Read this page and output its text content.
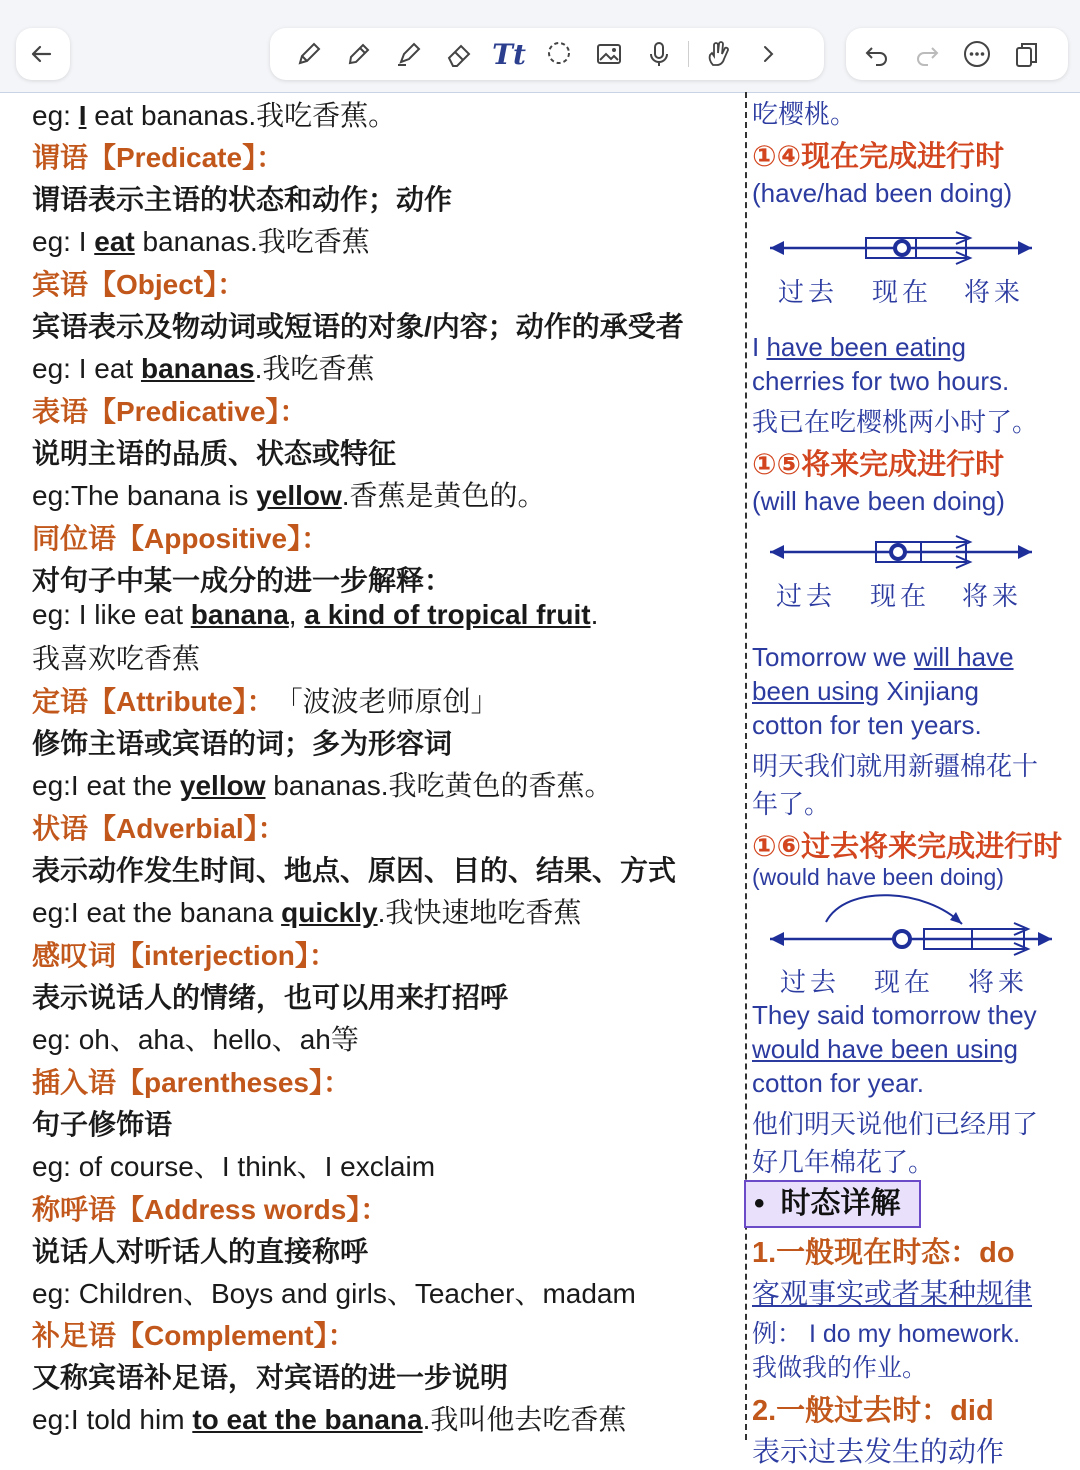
Tt
eg: I eat bananas.我吃香蕉。
谓语【Predicate】：
谓语表示主语的状态和动作；动作
eg: I eat bananas.我吃香蕉
宾语【Object】：
宾语表示及物动词或短语的对象/内容；动作的承受者
eg: I eat bananas.我吃香蕉
表语【Predicative】：
说明主语的品质、状态或特征
eg:The banana is yellow.香蕉是黄色的。
同位语【Appositive】：
对句子中某一成分的进一步解释：
eg: I like eat banana, a kind of tropical fruit.
我喜欢吃香蕉
定语【Attribute】： 「波波老师原创」
修饰主语或宾语的词；多为形容词
eg:I eat the yellow bananas.我吃黄色的香蕉。
状语【Adverbial】：
表示动作发生时间、地点、原因、目的、结果、方式
eg:I eat the banana quickly.我快速地吃香蕉
感叹词【interjection】：
表示说话人的情绪，也可以用来打招呼
eg: oh、aha、hello、ah等
插入语【parentheses】：
句子修饰语
eg: of course、I think、I exclaim
称呼语【Address words】：
说话人对听话人的直接称呼
eg: Children、Boys and girls、Teacher、madam
补足语【Complement】：
又称宾语补足语，对宾语的进一步说明
eg:I told him to eat the banana.我叫他去吃香蕉
吃樱桃。
①④现在完成进行时
(have/had been doing)
过去 现在 将来
I have been eating
cherries for two hours.
我已在吃樱桃两小时了。
①⑤将来完成进行时
(will have been doing)
过去 现在 将来
Tomorrow we will have
been using Xinjiang
cotton for ten years.
明天我们就用新疆棉花十
年了。
①⑥过去将来完成进行时
(would have been doing)
过去 现在 将来
They said tomorrow they
would have been using
cotton for year.
他们明天说他们已经用了
好几年棉花了。
• 时态详解
1.一般现在时态：do
客观事实或者某种规律
例： I do my homework.
我做我的作业。
2.一般过去时：did
表示过去发生的动作
